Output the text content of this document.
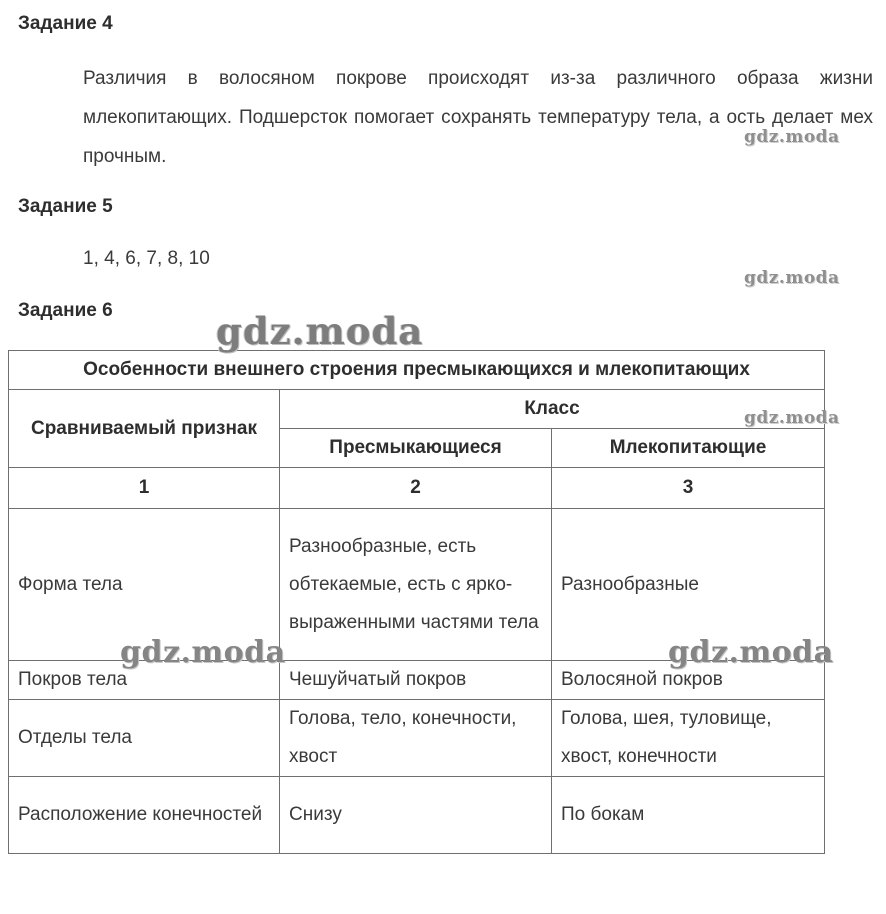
Задание 4

Различия в волосяном покрове происходят из-за различного образа жизни млекопитающих. Подшерсток помогает сохранять температуру тела, а ость делает мех прочным.

Задание 5

1, 4, 6, 7, 8, 10

Задание 6
Особенности внешнего строения пресмыкающихся и млекопитающих		
Сравниваемый признак	Класс	
	Пресмыкающиеся	Млекопитающие
1	2	3
Форма тела	Разнообразные, есть обтекаемые, есть с ярко-выраженными частями тела	Разнообразные
Покров тела	Чешуйчатый покров	Волосяной покров
Отделы тела	Голова, тело, конечности, хвост	Голова, шея, туловище, хвост, конечности
Расположение конечностей	Снизу	По бокам
gdz.moda
gdz.moda
gdz.moda
gdz.moda
gdz.moda	gdz.moda
